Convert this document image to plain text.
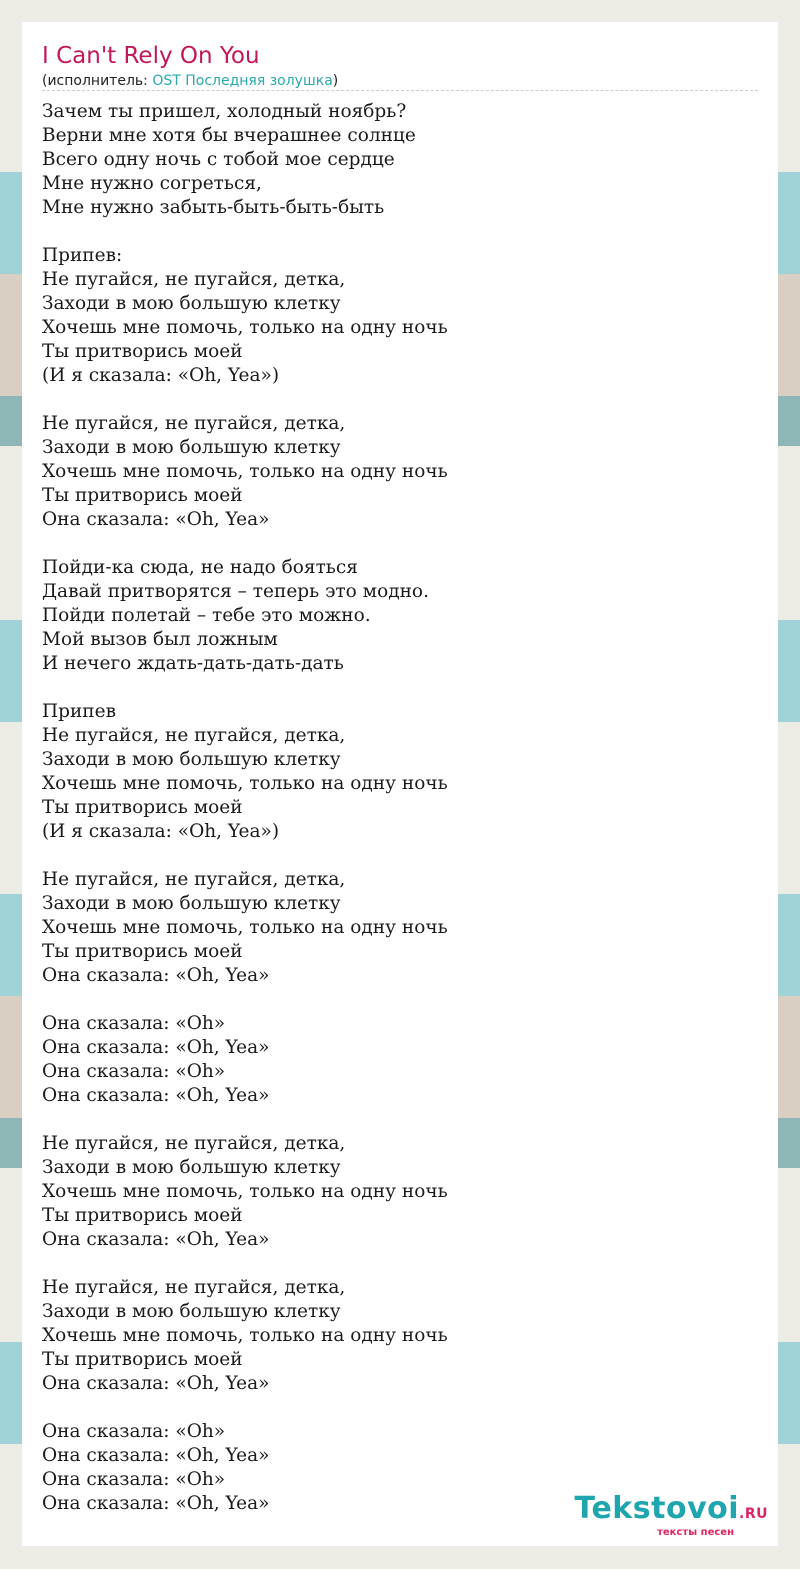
I Can't Rely On You
(исполнитель: OST Последняя золушка)
Зачем ты пришел, холодный ноябрь?
Верни мне хотя бы вчерашнее солнце
Всего одну ночь с тобой мое сердце
Мне нужно согреться,
Мне нужно забыть-быть-быть-быть

Припев:
Не пугайся, не пугайся, детка,
Заходи в мою большую клетку
Хочешь мне помочь, только на одну ночь
Ты притворись моей
(И я сказала: «Oh, Yea»)

Не пугайся, не пугайся, детка,
Заходи в мою большую клетку
Хочешь мне помочь, только на одну ночь
Ты притворись моей
Она сказала: «Oh, Yea»

Пойди-ка сюда, не надо бояться
Давай притворятся – теперь это модно.
Пойди полетай – тебе это можно.
Мой вызов был ложным
И нечего ждать-дать-дать-дать

Припев
Не пугайся, не пугайся, детка,
Заходи в мою большую клетку
Хочешь мне помочь, только на одну ночь
Ты притворись моей
(И я сказала: «Oh, Yea»)

Не пугайся, не пугайся, детка,
Заходи в мою большую клетку
Хочешь мне помочь, только на одну ночь
Ты притворись моей
Она сказала: «Oh, Yea»

Она сказала: «Oh»
Она сказала: «Oh, Yea»
Она сказала: «Oh»
Она сказала: «Oh, Yea»

Не пугайся, не пугайся, детка,
Заходи в мою большую клетку
Хочешь мне помочь, только на одну ночь
Ты притворись моей
Она сказала: «Oh, Yea»

Не пугайся, не пугайся, детка,
Заходи в мою большую клетку
Хочешь мне помочь, только на одну ночь
Ты притворись моей
Она сказала: «Oh, Yea»

Она сказала: «Oh»
Она сказала: «Oh, Yea»
Она сказала: «Oh»
Она сказала: «Oh, Yea»	Tekstovoi.RU
тексты песен
